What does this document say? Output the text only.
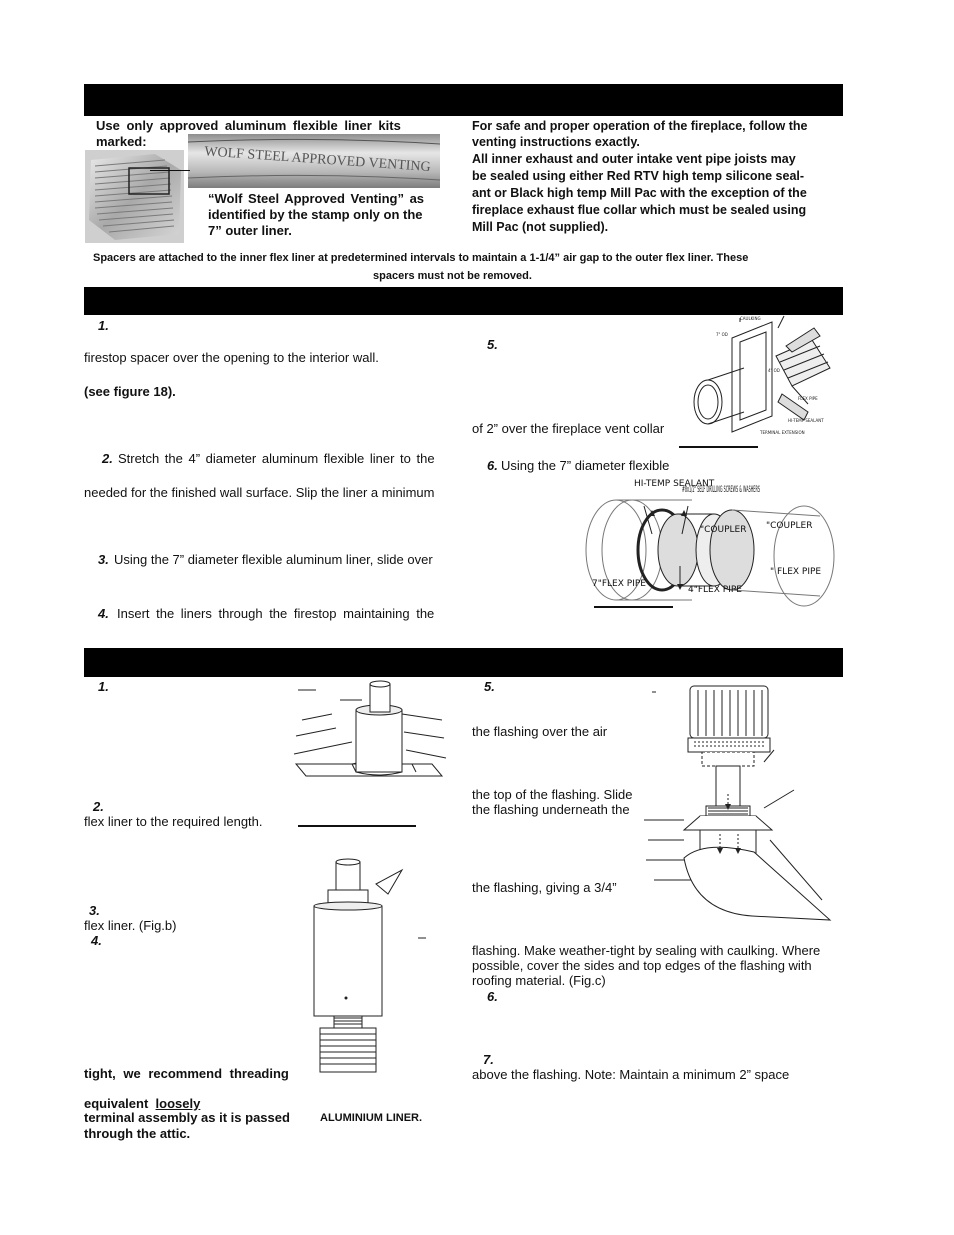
Use only approved aluminum flexible liner kits
marked:
WOLF STEEL APPROVED VENTING
“Wolf Steel Approved Venting” as
identified by the stamp only on the
7” outer liner.
For safe and proper operation of the fireplace, follow the
venting instructions exactly.
All inner exhaust and outer intake vent pipe joists may
be sealed using either Red RTV high temp silicone seal-
ant or Black high temp Mill Pac with the exception of the
fireplace exhaust flue collar which must be sealed using
Mill Pac (not supplied).
Spacers are attached to the inner flex liner at predetermined intervals to maintain a 1-1/4” air gap to the outer flex liner. These
spacers must not be removed.
1.
firestop spacer over the opening to the interior wall.
(see figure 18).
2. Stretch the 4” diameter aluminum flexible liner to the
needed for the finished wall surface. Slip the liner a minimum
3. Using the 7” diameter flexible aluminum liner, slide over
4. Insert the liners through the firestop maintaining the
5.
of 2” over the fireplace vent collar
6. Using the 7” diameter flexible
CAULKING
7" OD
4" OD
FLEX PIPE
HI-TEMP SEALANT
TERMINAL EXTENSION
HI-TEMP SEALANT
#8x1/2" SELF DRILLING SCREWS & WASHERS
"COUPLER "COUPLER
7"FLEX PIPE
4"FLEX PIPE
" FLEX PIPE
1.
2.
flex liner to the required length.
3.
flex liner. (Fig.b)
4.
tight, we recommend threading
equivalent loosely
terminal assembly as it is passed
through the attic.
ALUMINIUM LINER.
5.
the flashing over the air
the top of the flashing. Slide
the flashing underneath the
the flashing, giving a 3/4”
flashing. Make weather-tight by sealing with caulking. Where
possible, cover the sides and top edges of the flashing with
roofing material. (Fig.c)
6.
7.
above the flashing. Note: Maintain a minimum 2” space
